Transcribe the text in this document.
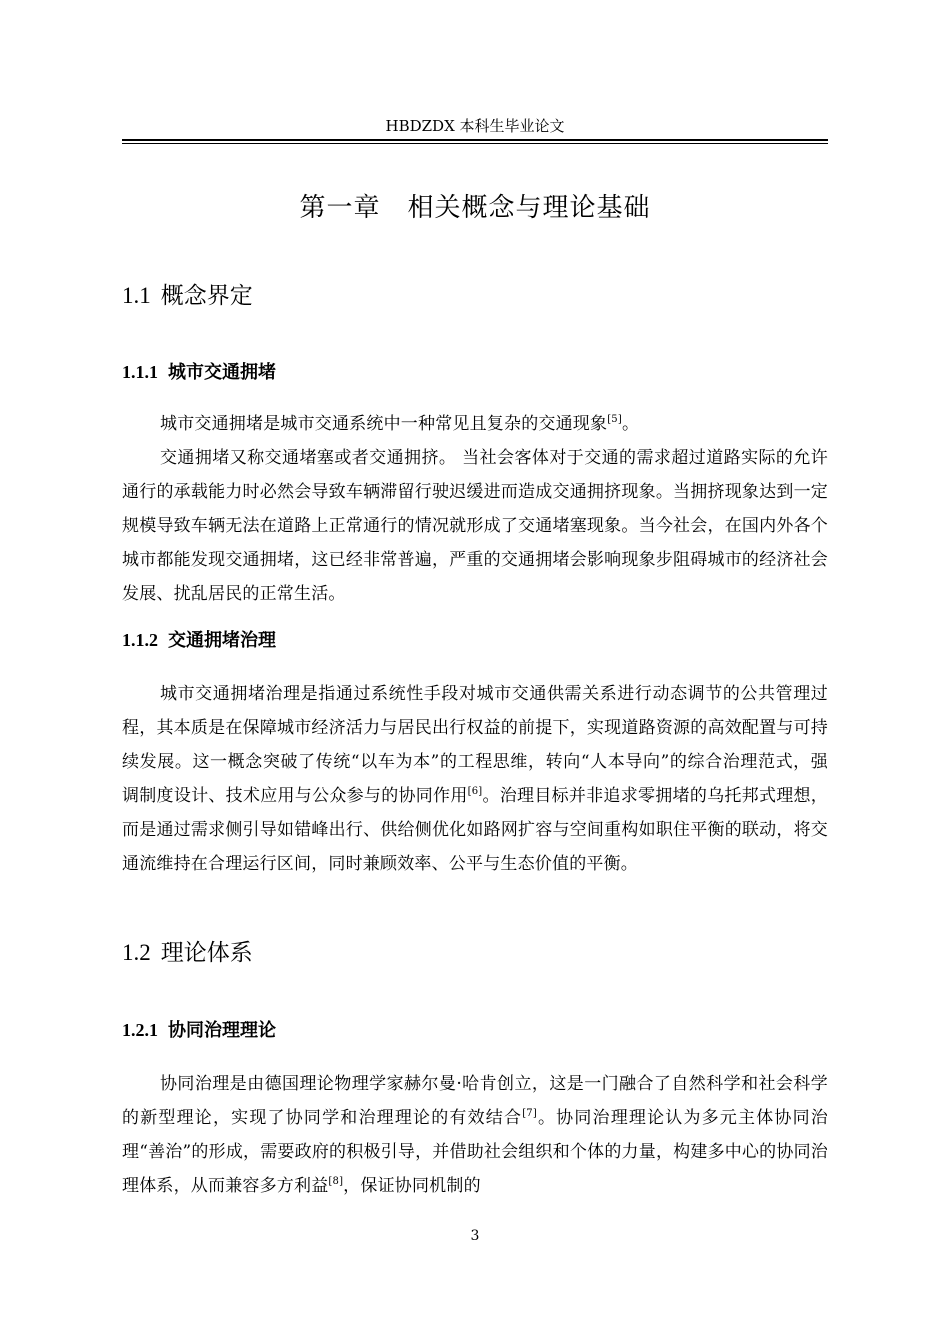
HBDZDX 本科生毕业论文
第一章　相关概念与理论基础
1.1 概念界定
1.1.1 城市交通拥堵
城市交通拥堵是城市交通系统中一种常见且复杂的交通现象[5]。
交通拥堵又称交通堵塞或者交通拥挤。 当社会客体对于交通的需求超过道路实际的允许通行的承载能力时必然会导致车辆滞留行驶迟缓进而造成交通拥挤现象。当拥挤现象达到一定规模导致车辆无法在道路上正常通行的情况就形成了交通堵塞现象。当今社会，在国内外各个城市都能发现交通拥堵，这已经非常普遍，严重的交通拥堵会影响现象步阻碍城市的经济社会发展、扰乱居民的正常生活。
1.1.2 交通拥堵治理
城市交通拥堵治理是指通过系统性手段对城市交通供需关系进行动态调节的公共管理过程，其本质是在保障城市经济活力与居民出行权益的前提下，实现道路资源的高效配置与可持续发展。这一概念突破了传统“以车为本”的工程思维，转向“人本导向”的综合治理范式，强调制度设计、技术应用与公众参与的协同作用[6]。治理目标并非追求零拥堵的乌托邦式理想，而是通过需求侧引导如错峰出行、供给侧优化如路网扩容与空间重构如职住平衡的联动，将交通流维持在合理运行区间，同时兼顾效率、公平与生态价值的平衡。
1.2 理论体系
1.2.1 协同治理理论
协同治理是由德国理论物理学家赫尔曼·哈肯创立，这是一门融合了自然科学和社会科学的新型理论，实现了协同学和治理理论的有效结合[7]。协同治理理论认为多元主体协同治理“善治”的形成，需要政府的积极引导，并借助社会组织和个体的力量，构建多中心的协同治理体系，从而兼容多方利益[8]，保证协同机制的
3
